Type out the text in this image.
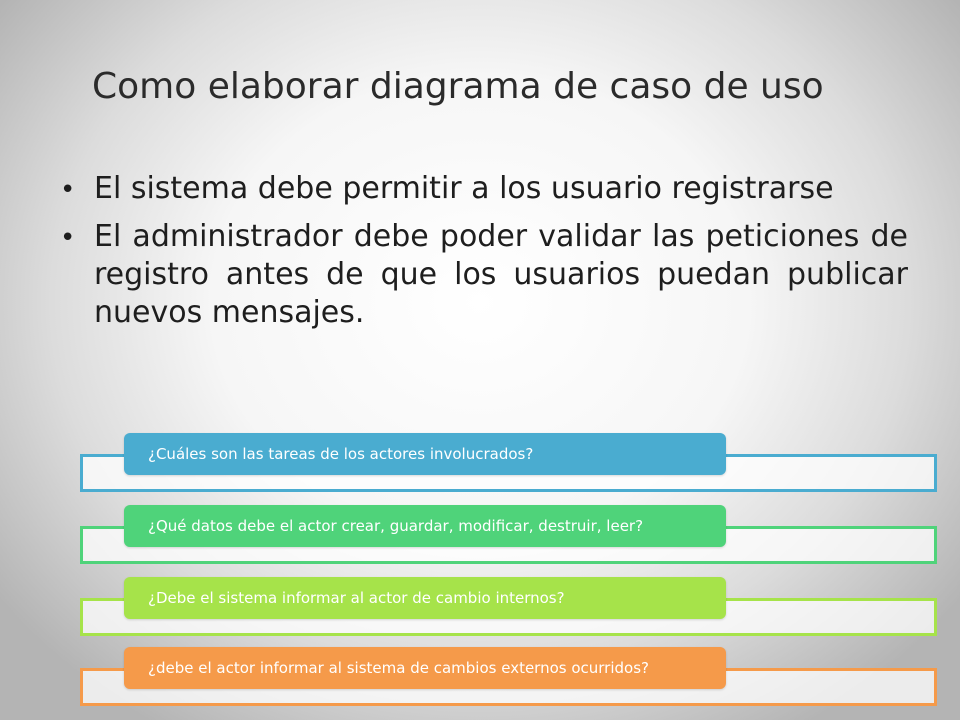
Como elaborar diagrama de caso de uso
• El sistema debe permitir a los usuario registrarse
• El administrador debe poder validar las peticiones de registro antes de que los usuarios puedan publicar nuevos mensajes.
¿Cuáles son las tareas de los actores involucrados?
¿Qué datos debe el actor crear, guardar, modificar, destruir, leer?
¿Debe el sistema informar al actor de cambio internos?
¿debe el actor informar al sistema de cambios externos ocurridos?
